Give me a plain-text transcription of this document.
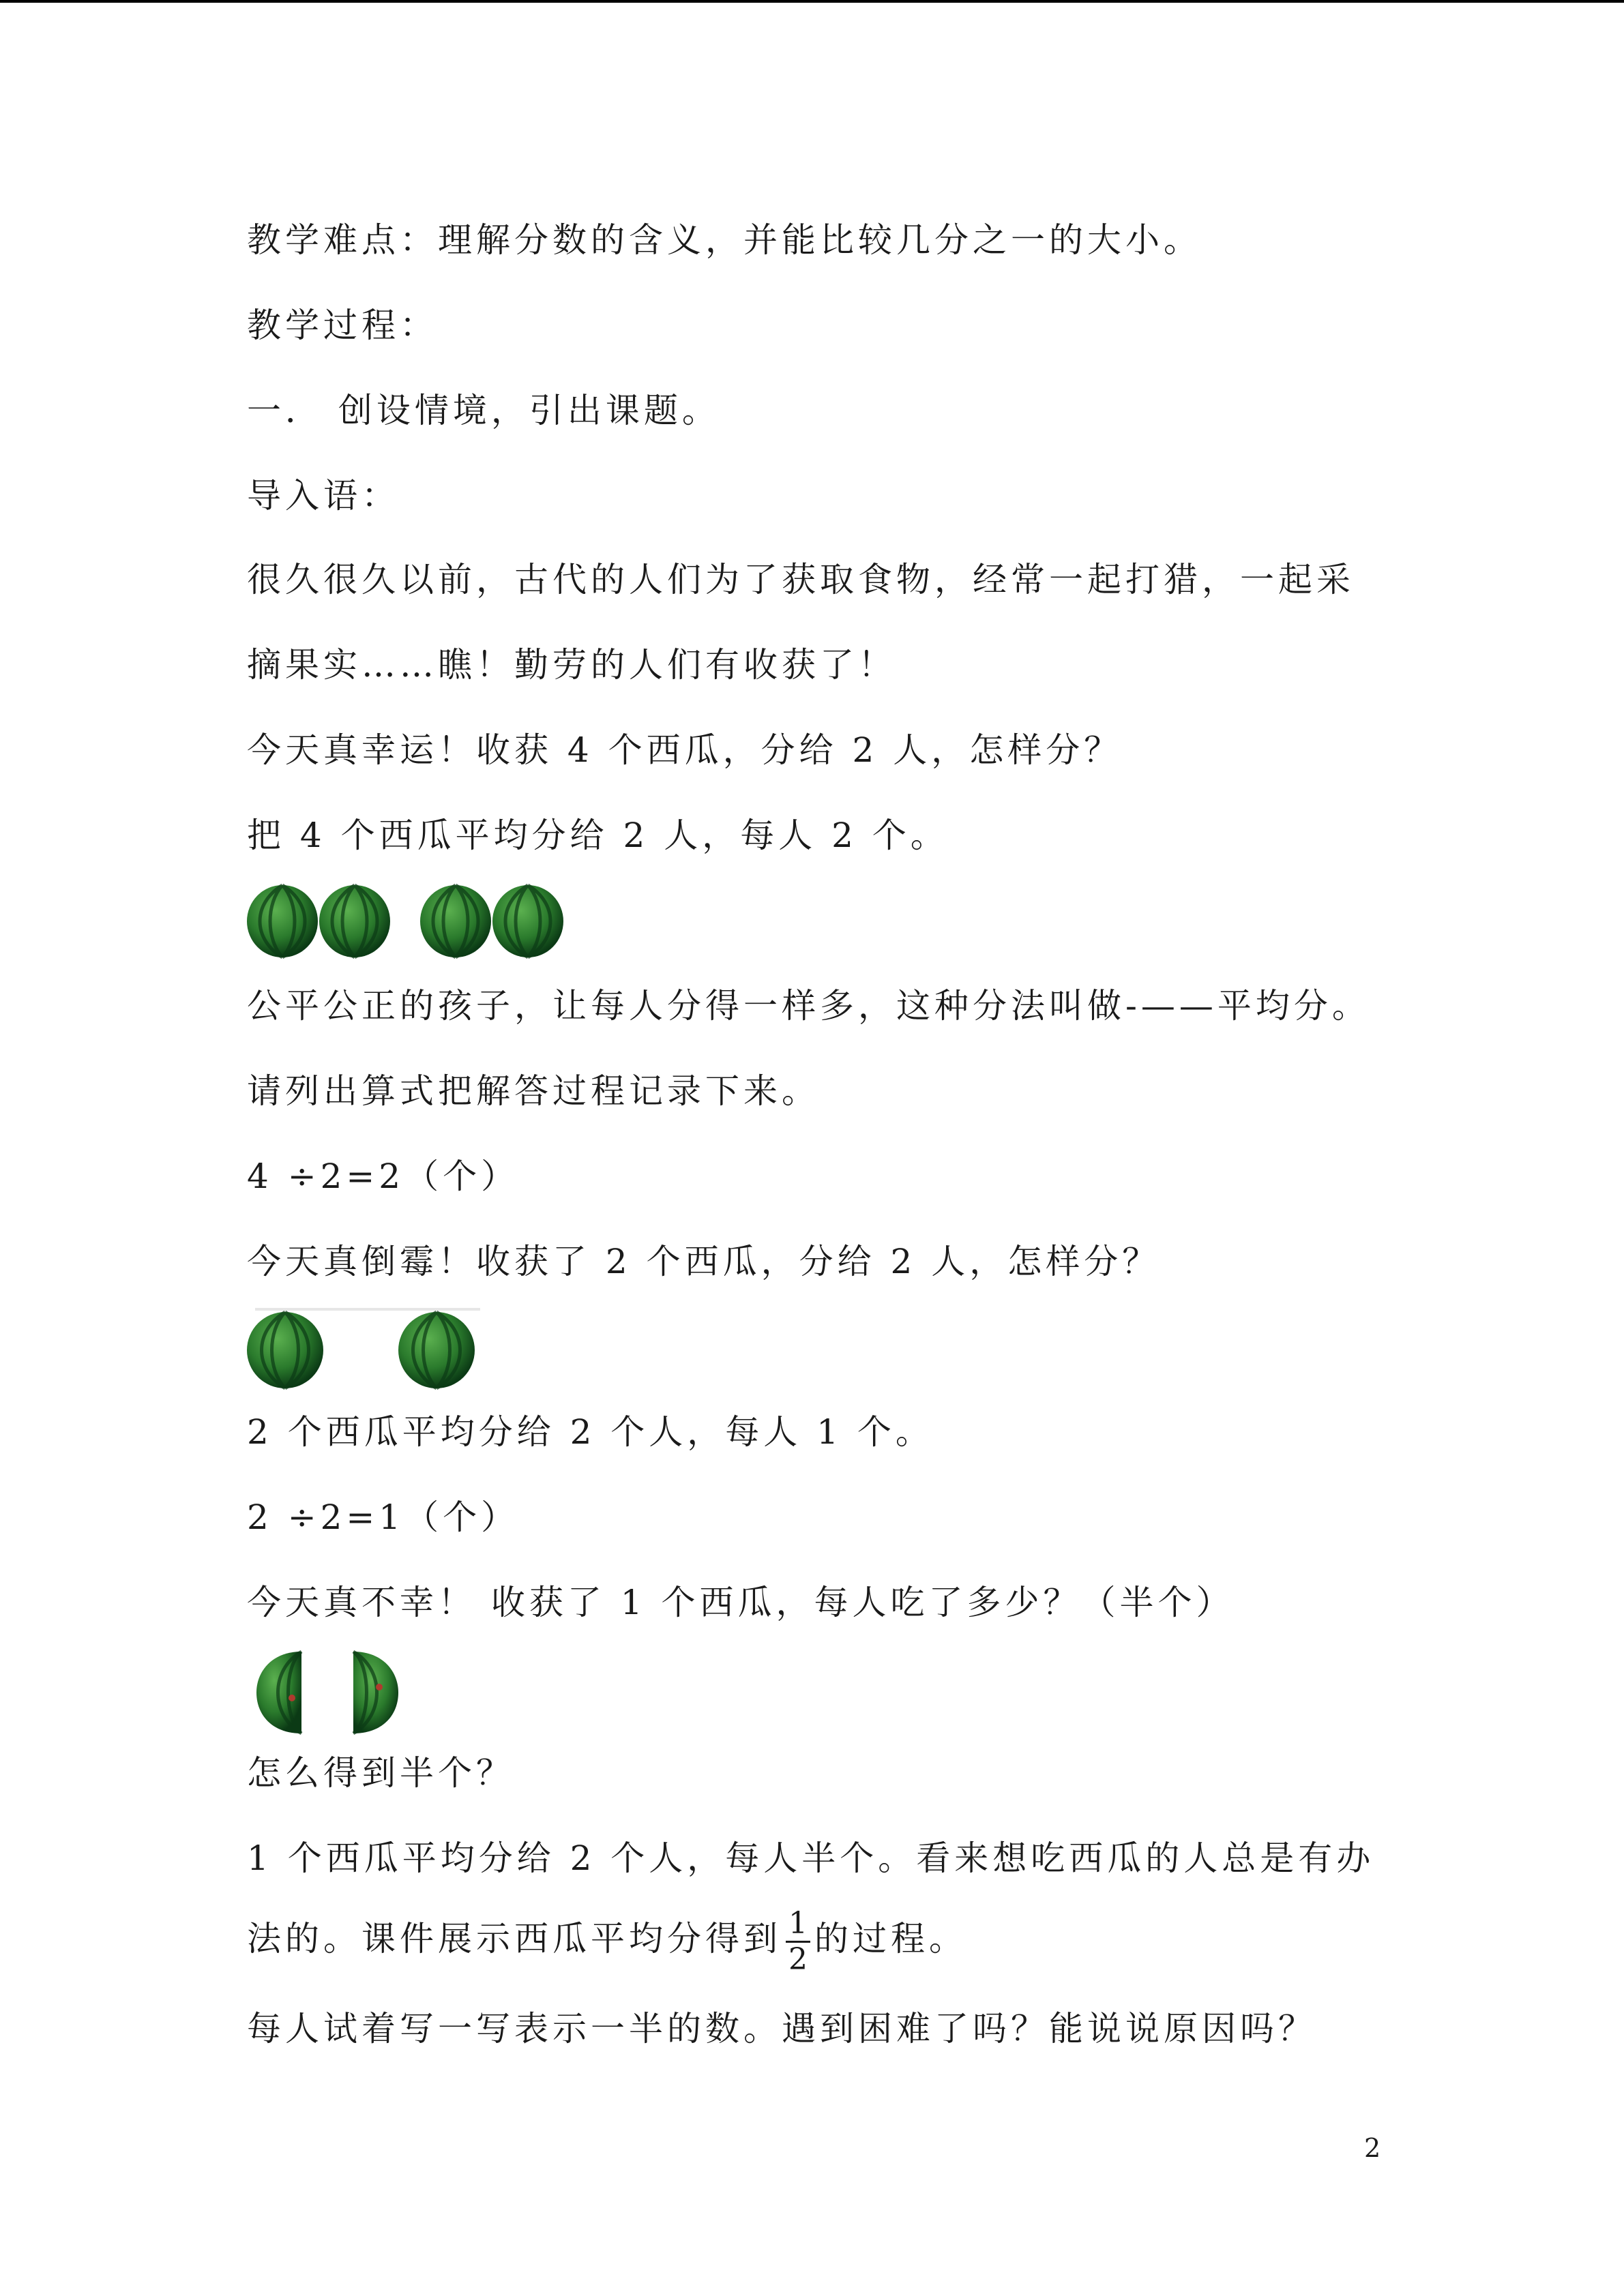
教学难点：理解分数的含义，并能比较几分之一的大小。
教学过程：
一． 创设情境，引出课题。
导入语：
很久很久以前，古代的人们为了获取食物，经常一起打猎，一起采
摘果实……瞧！勤劳的人们有收获了！
今天真幸运！收获 4 个西瓜，分给 2 人，怎样分？
把 4 个西瓜平均分给 2 人，每人 2 个。
公平公正的孩子，让每人分得一样多，这种分法叫做-——平均分。
请列出算式把解答过程记录下来。
4 ÷2=2（个）
今天真倒霉！收获了 2 个西瓜，分给 2 人，怎样分？
2 个西瓜平均分给 2 个人，每人 1 个。
2 ÷2=1（个）
今天真不幸！ 收获了 1 个西瓜，每人吃了多少？（半个）
怎么得到半个？
1 个西瓜平均分给 2 个人，每人半个。看来想吃西瓜的人总是有办
法的。课件展示西瓜平均分得到 $\frac{1}{2}$ 的过程。
每人试着写一写表示一半的数。遇到困难了吗？能说说原因吗？
2
